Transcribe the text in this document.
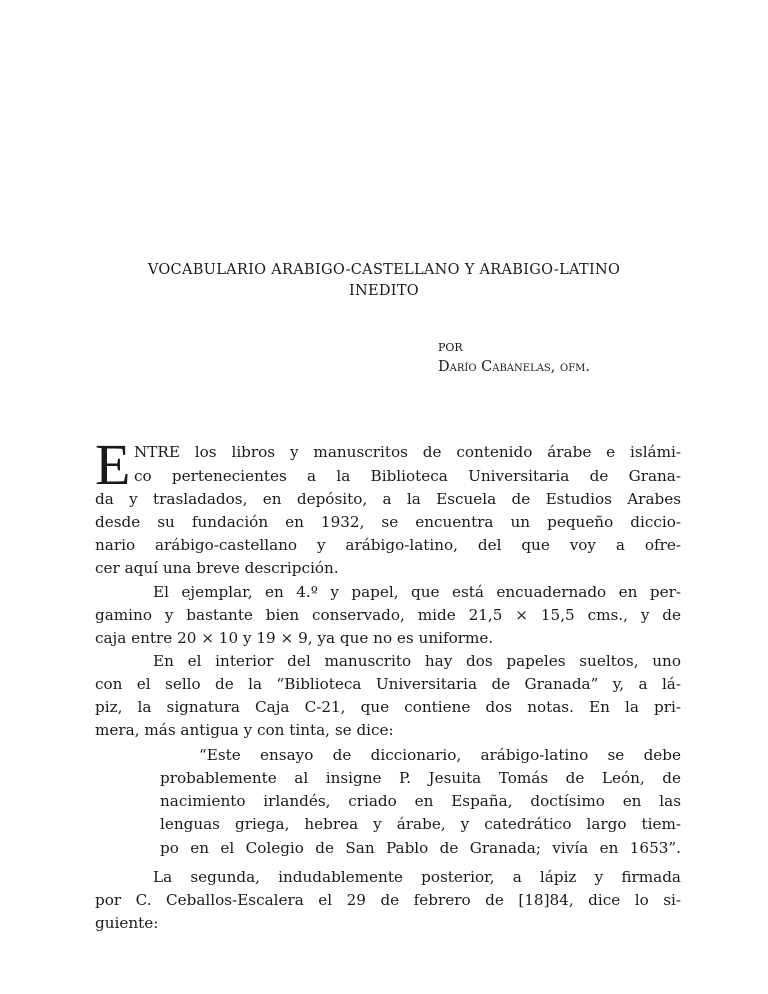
VOCABULARIO ARABIGO-CASTELLANO Y ARABIGO-LATINO
INEDITO
POR
Darío Cabanelas, ofm.
E NTRE los libros y manuscritos de contenido árabe e islámi-
co pertenecientes a la Biblioteca Universitaria de Grana-
da y trasladados, en depósito, a la Escuela de Estudios Arabes
desde su fundación en 1932, se encuentra un pequeño diccio-
nario arábigo-castellano y arábigo-latino, del que voy a ofre-
cer aquí una breve descripción.
El ejemplar, en 4.º y papel, que está encuadernado en per-
gamino y bastante bien conservado, mide 21,5 × 15,5 cms., y de
caja entre 20 × 10 y 19 × 9, ya que no es uniforme.
En el interior del manuscrito hay dos papeles sueltos, uno
con el sello de la “Biblioteca Universitaria de Granada” y, a lá-
piz, la signatura Caja C-21, que contiene dos notas. En la pri-
mera, más antigua y con tinta, se dice:
“Este ensayo de diccionario, arábigo-latino se debe
probablemente al insigne P. Jesuita Tomás de León, de
nacimiento irlandés, criado en España, doctísimo en las
lenguas griega, hebrea y árabe, y catedrático largo tiem-
po en el Colegio de San Pablo de Granada; vivía en 1653”.
La segunda, indudablemente posterior, a lápiz y firmada
por C. Ceballos-Escalera el 29 de febrero de [18]84, dice lo si-
guiente:
